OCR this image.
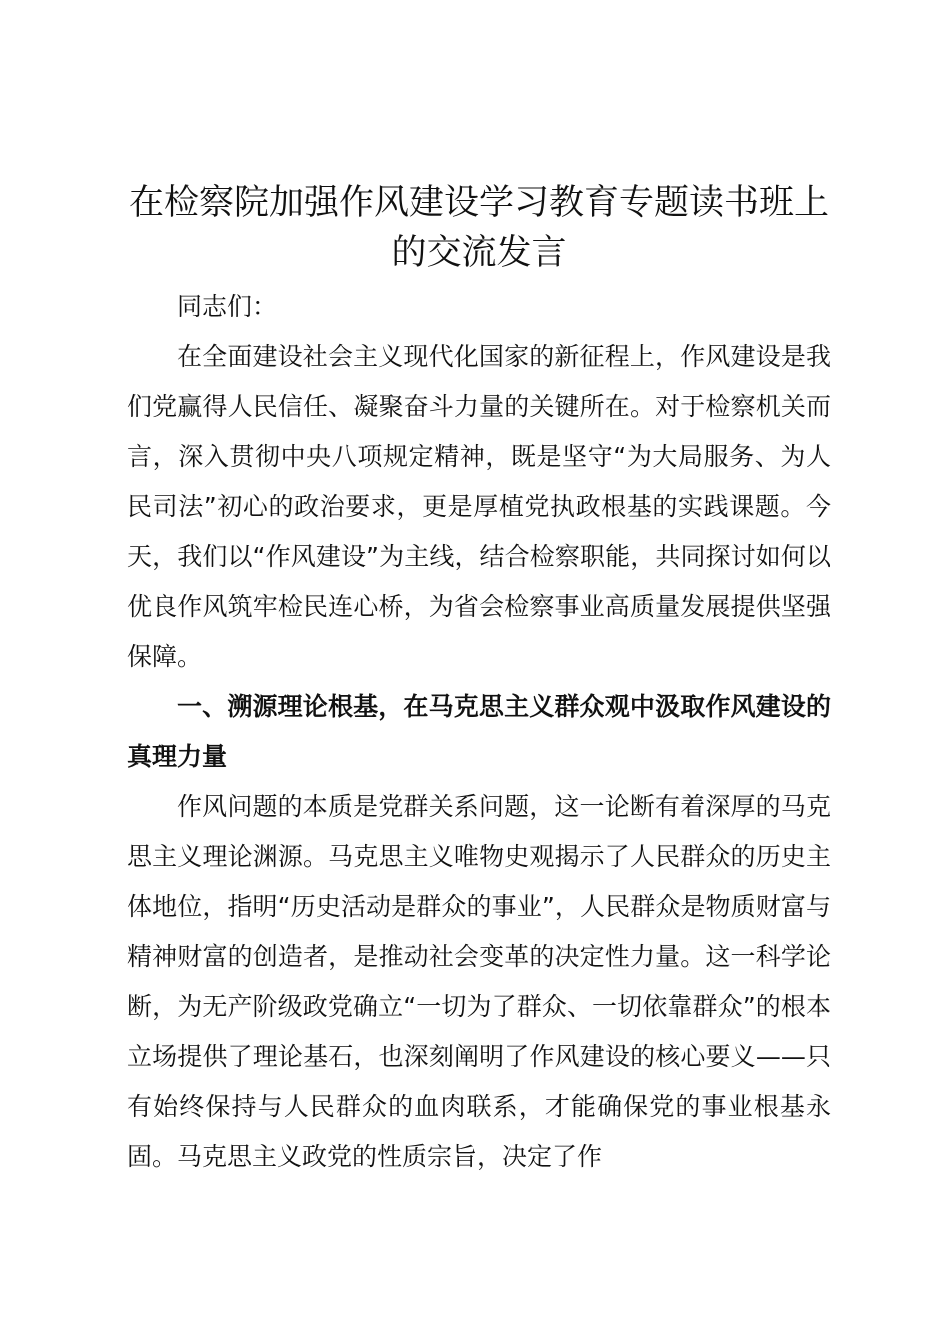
在检察院加强作风建设学习教育专题读书班上的交流发言

同志们：

在全面建设社会主义现代化国家的新征程上，作风建设是我们党赢得人民信任、凝聚奋斗力量的关键所在。对于检察机关而言，深入贯彻中央八项规定精神，既是坚守“为大局服务、为人民司法”初心的政治要求，更是厚植党执政根基的实践课题。今天，我们以“作风建设”为主线，结合检察职能，共同探讨如何以优良作风筑牢检民连心桥，为省会检察事业高质量发展提供坚强保障。

一、溯源理论根基，在马克思主义群众观中汲取作风建设的真理力量

作风问题的本质是党群关系问题，这一论断有着深厚的马克思主义理论渊源。马克思主义唯物史观揭示了人民群众的历史主体地位，指明“历史活动是群众的事业”，人民群众是物质财富与精神财富的创造者，是推动社会变革的决定性力量。这一科学论断，为无产阶级政党确立“一切为了群众、一切依靠群众”的根本立场提供了理论基石，也深刻阐明了作风建设的核心要义——只有始终保持与人民群众的血肉联系，才能确保党的事业根基永固。马克思主义政党的性质宗旨，决定了作
